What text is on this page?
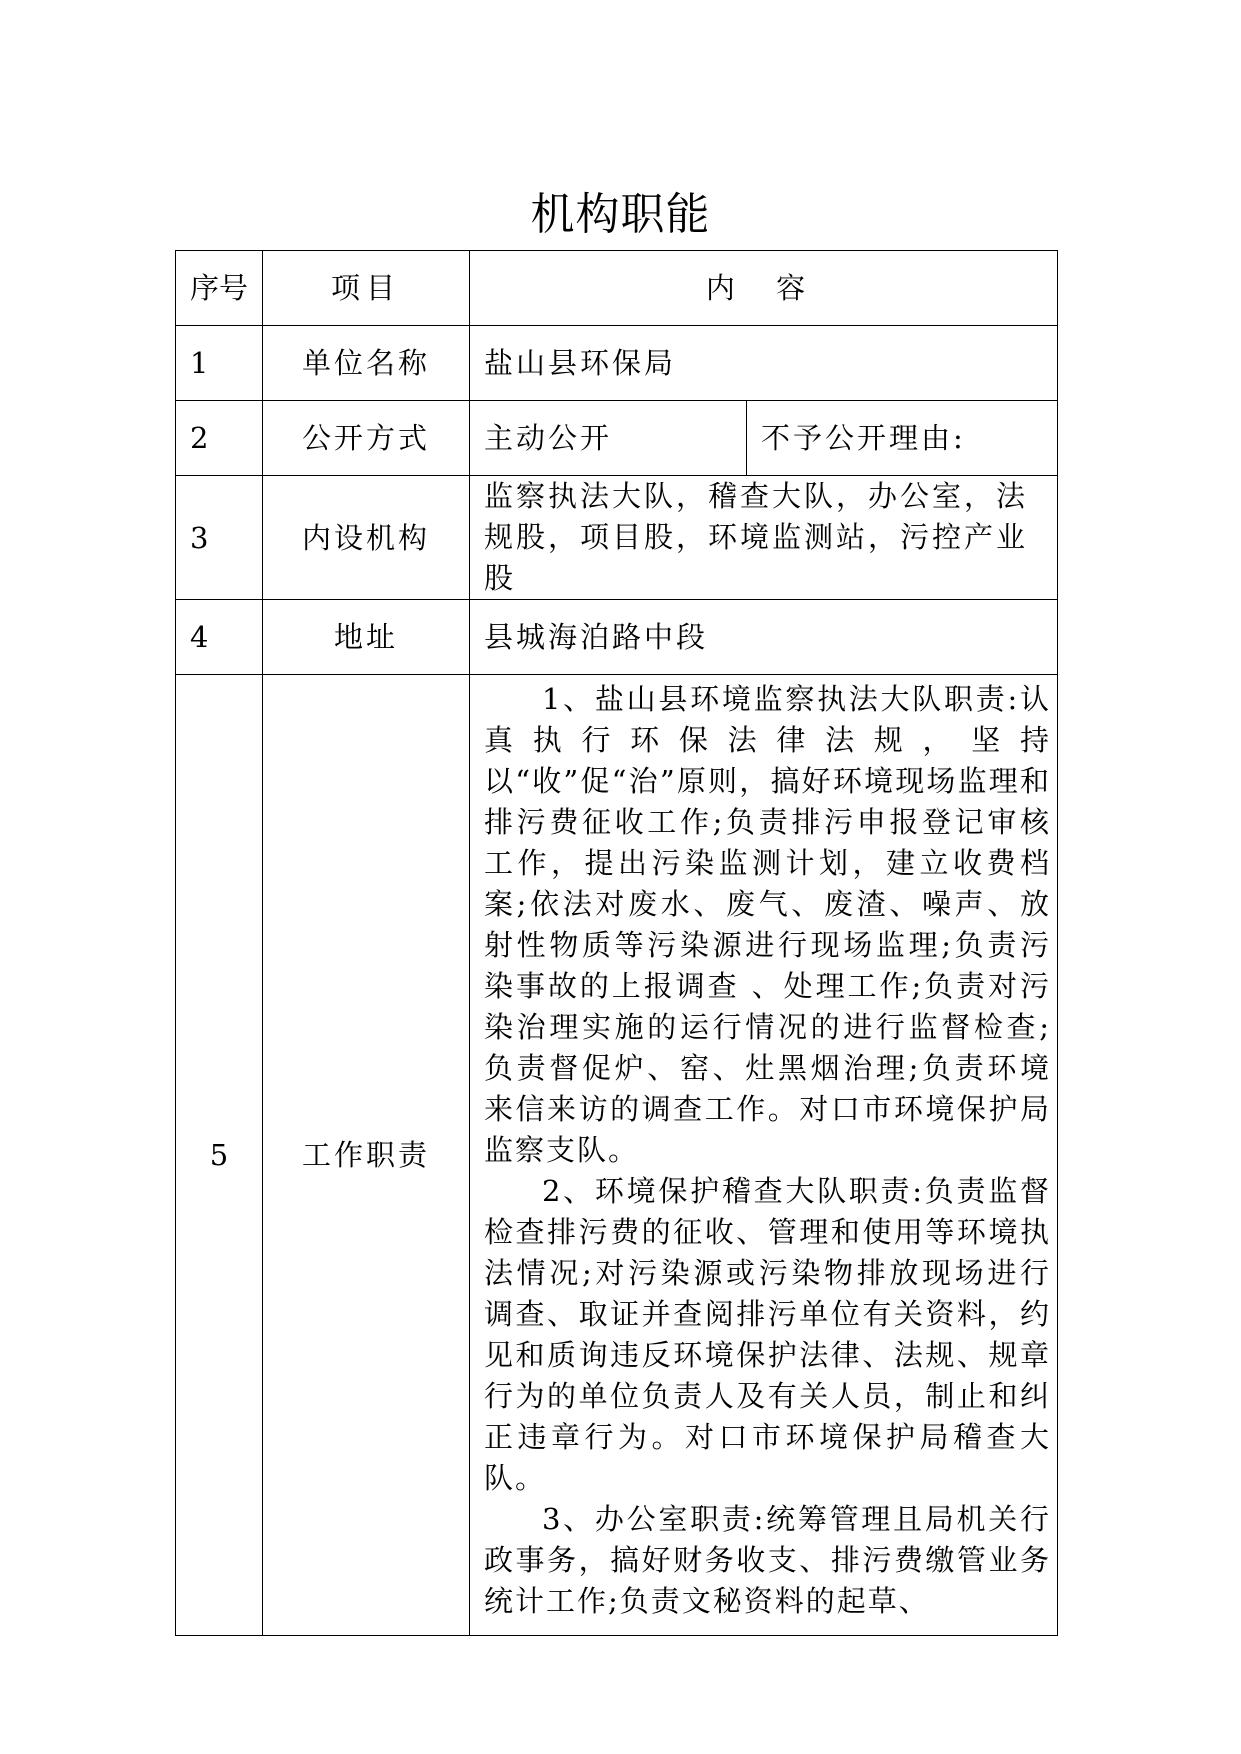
机构职能
序号	项目	内 容
1	单位名称	盐山县环保局
2	公开方式	主动公开 不予公开理由:

3	内设机构	监察执法大队，稽查大队，办公室，法规股，项目股，环境监测站，污控产业股
4	地址	县城海泊路中段
5	工作职责	1、盐山县环境监察执法大队职责:认真执行环保法律法规，坚持以“收”促“治”原则，搞好环境现场监理和排污费征收工作;负责排污申报登记审核工作，提出污染监测计划，建立收费档案;依法对废水、废气、废渣、噪声、放射性物质等污染源进行现场监理;负责污染事故的上报调查 、处理工作;负责对污染治理实施的运行情况的进行监督检查;负责督促炉、窑、灶黑烟治理;负责环境来信来访的调查工作。对口市环境保护局监察支队。

2、环境保护稽查大队职责:负责监督检查排污费的征收、管理和使用等环境执法情况;对污染源或污染物排放现场进行调查、取证并查阅排污单位有关资料，约见和质询违反环境保护法律、法规、规章行为的单位负责人及有关人员，制止和纠正违章行为。对口市环境保护局稽查大队。

3、办公室职责:统筹管理且局机关行政事务，搞好财务收支、排污费缴管业务统计工作;负责文秘资料的起草、
